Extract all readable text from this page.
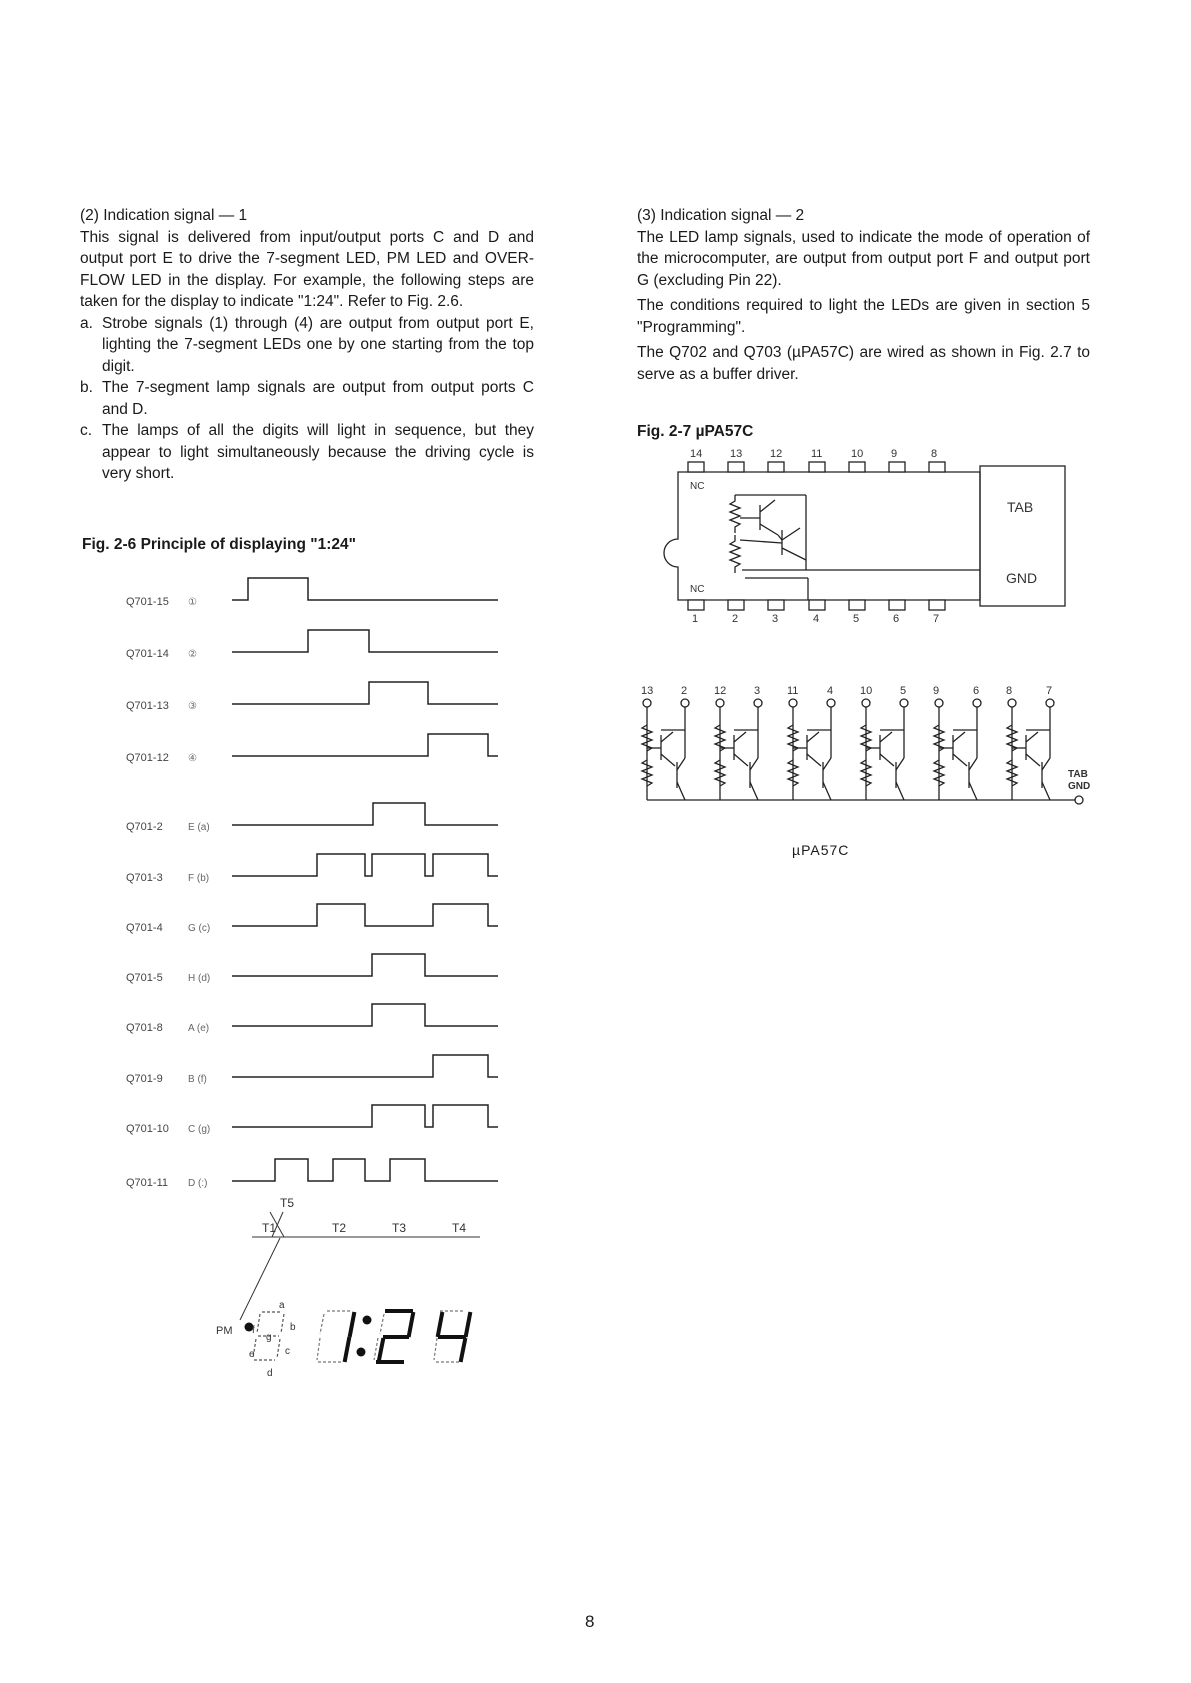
(2) Indication signal — 1

This signal is delivered from input/output ports C and D and output port E to drive the 7-segment LED, PM LED and OVER-FLOW LED in the display. For example, the following steps are taken for the display to indicate "1:24". Refer to Fig. 2.6.

a. Strobe signals (1) through (4) are output from output port E, lighting the 7-segment LEDs one by one starting from the top digit.
b. The 7-segment lamp signals are output from output ports C and D.
c. The lamps of all the digits will light in sequence, but they appear to light simultaneously because the driving cycle is very short.

Fig. 2-6 Principle of displaying "1:24"

(3) Indication signal — 2

The LED lamp signals, used to indicate the mode of operation of the microcomputer, are output from output port F and output port G (excluding Pin 22).

The conditions required to light the LEDs are given in section 5 "Programming".

The Q702 and Q703 (µPA57C) are wired as shown in Fig. 2.7 to serve as a buffer driver.

Fig. 2-7 µPA57C

Q701-15 ①
Q701-14 ②
Q701-13 ③
Q701-12 ④
Q701-2	E (a)
Q701-3	F (b)
Q701-4	G (c)
Q701-5	H (d)
Q701-8	A (e)
Q701-9	B (f)
Q701-10 C (g)
Q701-11 D (:)
T5
T1	T2	T3	T4
PM
a
b
c
d
e
f
g
14	13	12	11	10	9	8
1	2	3	4	5	6	7
NC
NC
TAB
GND
13	2 12	3 11	4 10	5 9	6 8	7
TAB
GND
µPA57C
8
